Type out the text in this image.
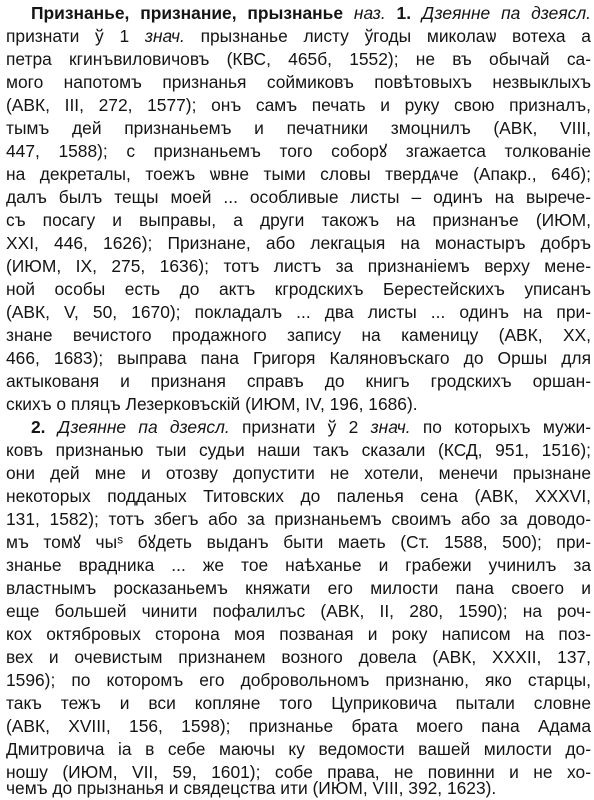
Признанье, признание, прызнанье наз. 1. Дзеянне па дзеясл.
признати ў 1 знач. прызнанье листу ўгоды миколаѡ вотеха а
петра кгинъвиловичовъ (КВС, 465б, 1552); не въ обычай са-
мого напотомъ признанья соймиковъ повѣтовыхъ незвыклыхъ
(АВК, III, 272, 1577); онъ самъ печать и руку свою призналъ,
тымъ дей признаньемъ и печатники змоцнилъ (АВК, VIII,
447, 1588); с признаньемъ того соборꙋ згажаетса толкованіе
на декреталы, тоежъ ѡвне тыми словы твердѧче (Апакр., 64б);
далъ былъ тещы моей ... особливые листы – одинъ на вырече-
съ посагу и выправы, а други такожъ на признанъе (ИЮМ,
XXI, 446, 1626); Признане, або лекгацыя на монастыръ добръ
(ИЮМ, IX, 275, 1636); тотъ листъ за признаніемъ верху мене-
ной особы есть до актъ кгродскихъ Берестейскихъ уписанъ
(АВК, V, 50, 1670); покладалъ ... два листы ... одинъ на при-
знане вечистого продажного запису на каменицу (АВК, XX,
466, 1683); выправа пана Григоря Каляновъскаго до Оршы для
актыкованя и признаня справъ до книгъ гродскихъ оршан-
скихъ о пляцъ Лезерковъскій (ИЮМ, IV, 196, 1686).
2. Дзеянне па дзеясл. признати ў 2 знач. по которыхъ мужи-
ковъ признанью тыи судьи наши такъ сказали (КСД, 951, 1516);
они дей мне и отозву допустити не хотели, менечи прызнане
некоторых подданых Титовских до паленья сена (АВК, XXXVI,
131, 1582); тотъ збегъ або за признаньемъ своимъ або за доводо-
мъ томꙋ чыˢ бꙋдеть выданъ быти маеть (Ст. 1588, 500); при-
знанье врадника ... же тое наѣханье и грабежи учинилъ за
властнымъ росказаньемъ княжати его милости пана своего и
еще большей чинити пофалилъс (АВК, II, 280, 1590); на роч-
кох октябровых сторона моя позваная и року написом на поз-
вех и очевистым признанем возного довела (АВК, XXXII, 137,
1596); по которомъ его добровольномъ признаню, яко старцы,
такъ тежъ и вси копляне того Цуприковича пытали словне
(АВК, XVIII, 156, 1598); признанье брата моего пана Адама
Дмитровича іа в себе маючы ку ведомости вашей милости до-
ношу (ИЮМ, VII, 59, 1601); собе права, не повинни и не хо-
чемъ до прызнанья и свядецства ити (ИЮМ, VIII, 392, 1623).
